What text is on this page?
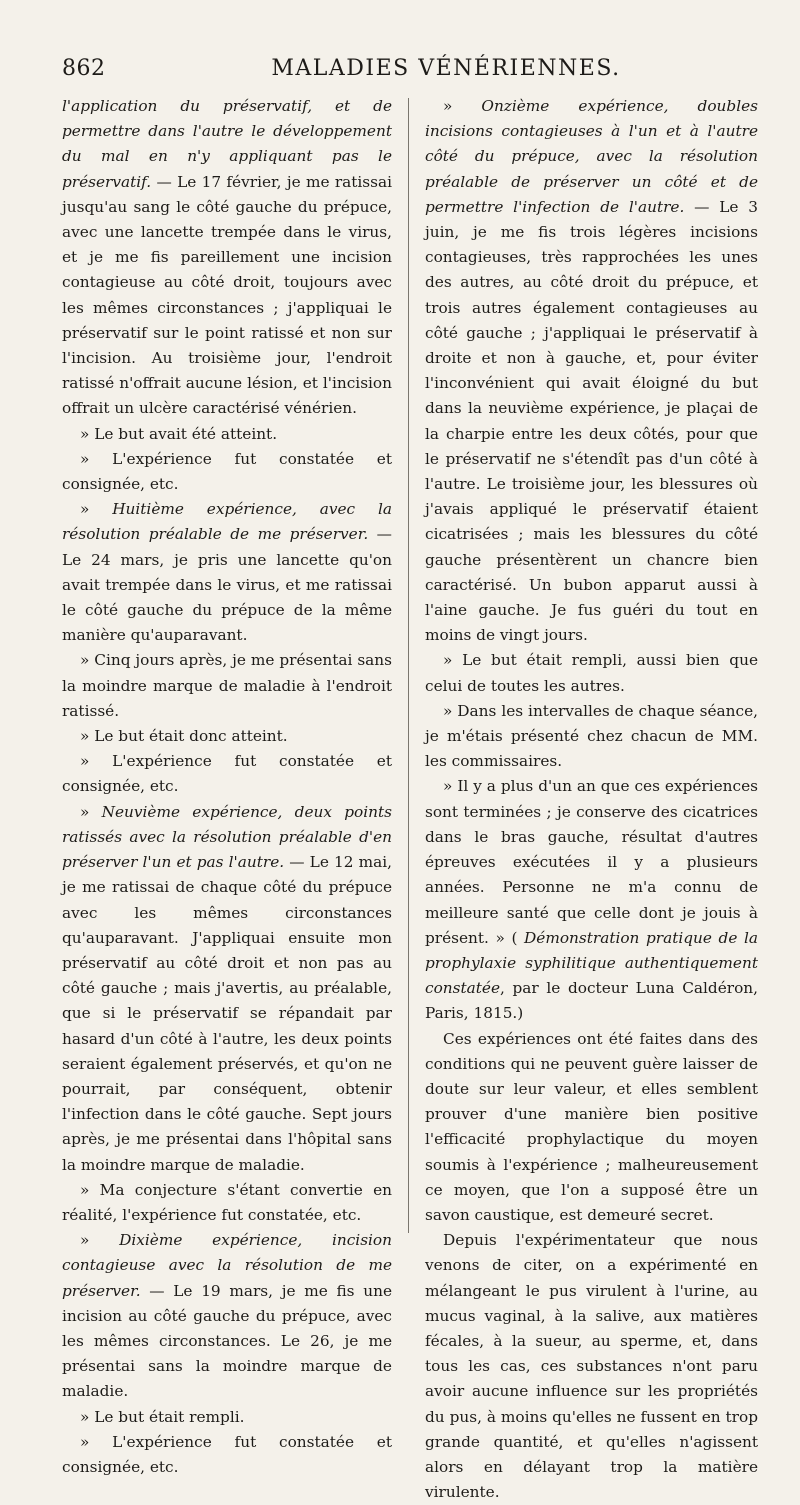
862	MALADIES VÉNÉRIENNES.

l'application du préservatif, et de permettre dans l'autre le développement du mal en n'y appliquant pas le préservatif. — Le 17 février, je me ratissai jusqu'au sang le côté gauche du prépuce, avec une lancette trempée dans le virus, et je me fis pareillement une incision contagieuse au côté droit, toujours avec les mêmes circonstances ; j'appliquai le préservatif sur le point ratissé et non sur l'incision. Au troisième jour, l'endroit ratissé n'offrait aucune lésion, et l'incision offrait un ulcère caractérisé vénérien.

» Le but avait été atteint.

» L'expérience fut constatée et consignée, etc.

» Huitième expérience, avec la résolution préalable de me préserver. — Le 24 mars, je pris une lancette qu'on avait trempée dans le virus, et me ratissai le côté gauche du prépuce de la même manière qu'auparavant.

» Cinq jours après, je me présentai sans la moindre marque de maladie à l'endroit ratissé.

» Le but était donc atteint.

» L'expérience fut constatée et consignée, etc.

» Neuvième expérience, deux points ratissés avec la résolution préalable d'en préserver l'un et pas l'autre. — Le 12 mai, je me ratissai de chaque côté du prépuce avec les mêmes circonstances qu'auparavant. J'appliquai ensuite mon préservatif au côté droit et non pas au côté gauche ; mais j'avertis, au préalable, que si le préservatif se répandait par hasard d'un côté à l'autre, les deux points seraient également préservés, et qu'on ne pourrait, par conséquent, obtenir l'infection dans le côté gauche. Sept jours après, je me présentai dans l'hôpital sans la moindre marque de maladie.

» Ma conjecture s'étant convertie en réalité, l'expérience fut constatée, etc.

» Dixième expérience, incision contagieuse avec la résolution de me préserver. — Le 19 mars, je me fis une incision au côté gauche du prépuce, avec les mêmes circonstances. Le 26, je me présentai sans la moindre marque de maladie.

» Le but était rempli.

» L'expérience fut constatée et consignée, etc.

» Onzième expérience, doubles incisions contagieuses à l'un et à l'autre côté du prépuce, avec la résolution préalable de préserver un côté et de permettre l'infection de l'autre. — Le 3 juin, je me fis trois légères incisions contagieuses, très rapprochées les unes des autres, au côté droit du prépuce, et trois autres également contagieuses au côté gauche ; j'appliquai le préservatif à droite et non à gauche, et, pour éviter l'inconvénient qui avait éloigné du but dans la neuvième expérience, je plaçai de la charpie entre les deux côtés, pour que le préservatif ne s'étendît pas d'un côté à l'autre. Le troisième jour, les blessures où j'avais appliqué le préservatif étaient cicatrisées ; mais les blessures du côté gauche présentèrent un chancre bien caractérisé. Un bubon apparut aussi à l'aine gauche. Je fus guéri du tout en moins de vingt jours.

» Le but était rempli, aussi bien que celui de toutes les autres.

» Dans les intervalles de chaque séance, je m'étais présenté chez chacun de MM. les commissaires.

» Il y a plus d'un an que ces expériences sont terminées ; je conserve des cicatrices dans le bras gauche, résultat d'autres épreuves exécutées il y a plusieurs années. Personne ne m'a connu de meilleure santé que celle dont je jouis à présent. » ( Démonstration pratique de la prophylaxie syphilitique authentiquement constatée, par le docteur Luna Caldéron, Paris, 1815.)

Ces expériences ont été faites dans des conditions qui ne peuvent guère laisser de doute sur leur valeur, et elles semblent prouver d'une manière bien positive l'efficacité prophylactique du moyen soumis à l'expérience ; malheureusement ce moyen, que l'on a supposé être un savon caustique, est demeuré secret.

Depuis l'expérimentateur que nous venons de citer, on a expérimenté en mélangeant le pus virulent à l'urine, au mucus vaginal, à la salive, aux matières fécales, à la sueur, au sperme, et, dans tous les cas, ces substances n'ont paru avoir aucune influence sur les propriétés du pus, à moins qu'elles ne fussent en trop grande quantité, et qu'elles n'agissent alors en délayant trop la matière virulente.
